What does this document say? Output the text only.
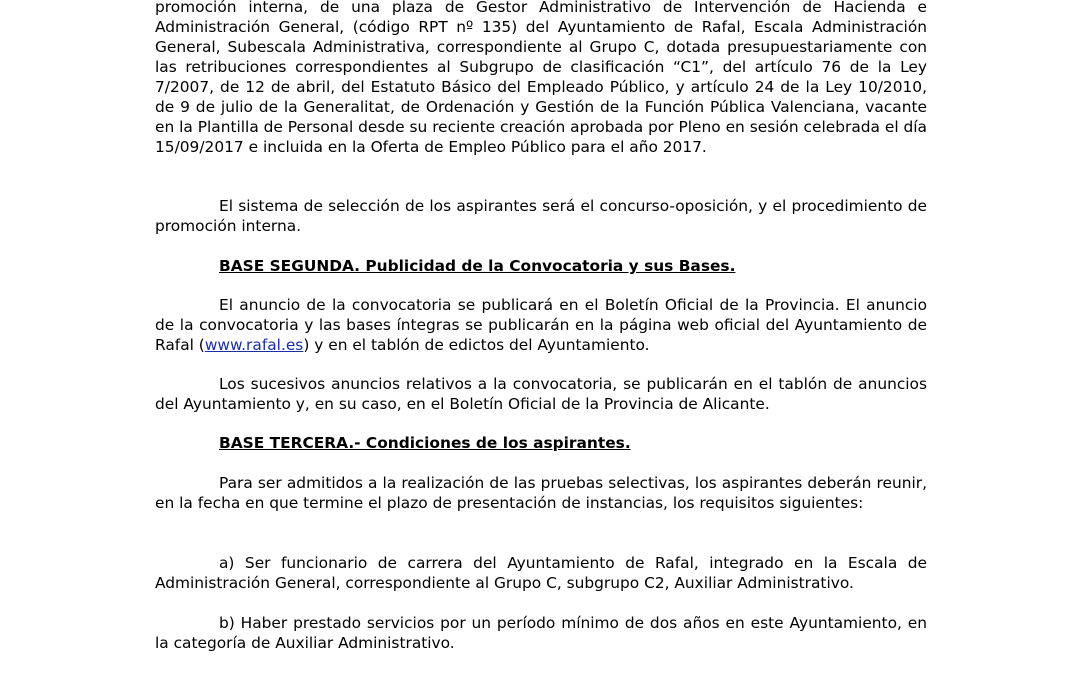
promoción interna, de una plaza de Gestor Administrativo de Intervención de Hacienda e Administración General, (código RPT nº 135) del Ayuntamiento de Rafal, Escala Administración General, Subescala Administrativa, correspondiente al Grupo C, dotada presupuestariamente con las retribuciones correspondientes al Subgrupo de clasificación “C1”, del artículo 76 de la Ley 7/2007, de 12 de abril, del Estatuto Básico del Empleado Público, y artículo 24 de la Ley 10/2010, de 9 de julio de la Generalitat, de Ordenación y Gestión de la Función Pública Valenciana, vacante en la Plantilla de Personal desde su reciente creación aprobada por Pleno en sesión celebrada el día 15/09/2017 e incluida en la Oferta de Empleo Público para el año 2017.

El sistema de selección de los aspirantes será el concurso-oposición, y el procedimiento de promoción interna.

BASE SEGUNDA. Publicidad de la Convocatoria y sus Bases.

El anuncio de la convocatoria se publicará en el Boletín Oficial de la Provincia. El anuncio de la convocatoria y las bases íntegras se publicarán en la página web oficial del Ayuntamiento de Rafal (www.rafal.es) y en el tablón de edictos del Ayuntamiento.

Los sucesivos anuncios relativos a la convocatoria, se publicarán en el tablón de anuncios del Ayuntamiento y, en su caso, en el Boletín Oficial de la Provincia de Alicante.

BASE TERCERA.- Condiciones de los aspirantes.

Para ser admitidos a la realización de las pruebas selectivas, los aspirantes deberán reunir, en la fecha en que termine el plazo de presentación de instancias, los requisitos siguientes:

a) Ser funcionario de carrera del Ayuntamiento de Rafal, integrado en la Escala de Administración General, correspondiente al Grupo C, subgrupo C2, Auxiliar Administrativo.

b) Haber prestado servicios por un período mínimo de dos años en este Ayuntamiento, en la categoría de Auxiliar Administrativo.
